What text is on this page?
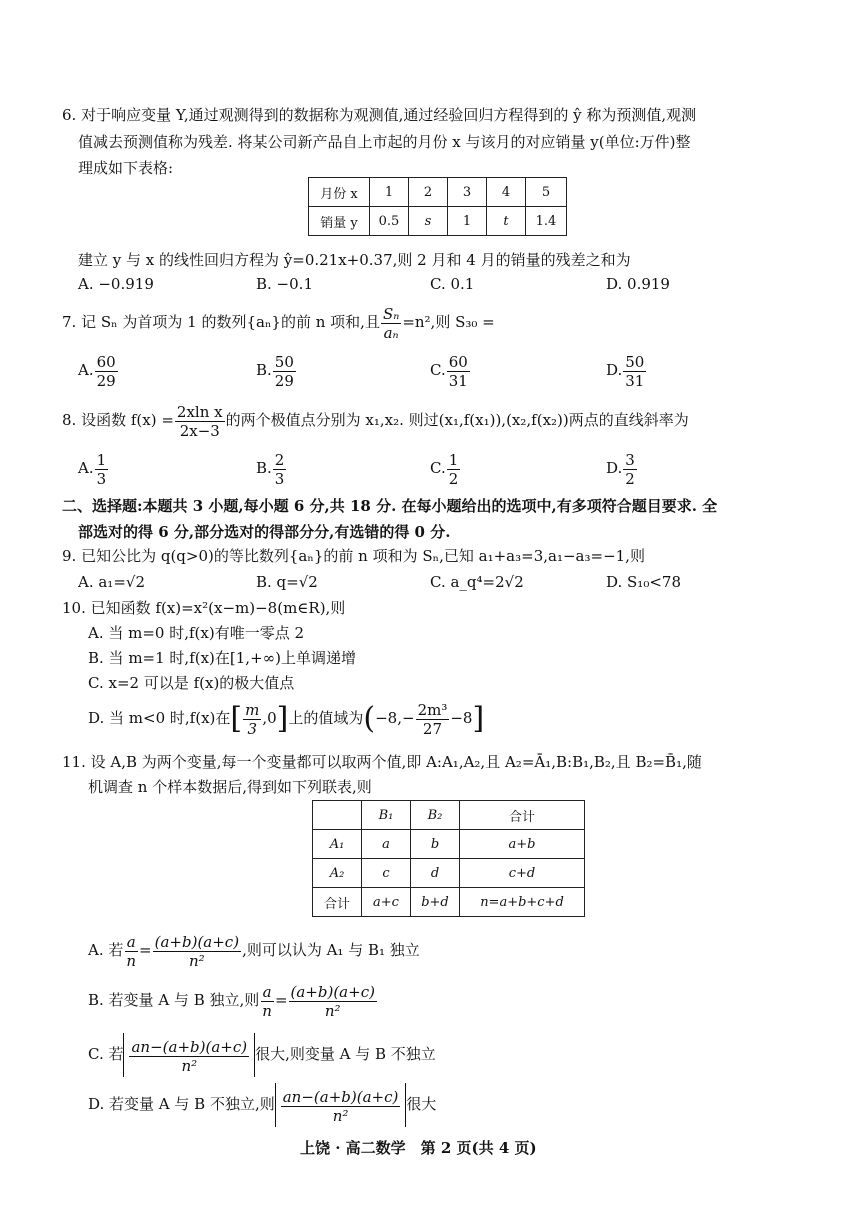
6. 对于响应变量 Y,通过观测得到的数据称为观测值,通过经验回归方程得到的 ŷ 称为预测值,观测
值减去预测值称为残差. 将某公司新产品自上市起的月份 x 与该月的对应销量 y(单位:万件)整
理成如下表格:
月份 x	1	2	3	4	5
销量 y	0.5	s	1	t	1.4
建立 y 与 x 的线性回归方程为 ŷ=0.21x+0.37,则 2 月和 4 月的销量的残差之和为
A. −0.919	B. −0.1	C. 0.1	D. 0.919
7. 记 Sₙ 为首项为 1 的数列{aₙ}的前 n 项和,且 $\frac{\text{Sₙ}}{\text{aₙ}} =n^2$,则 S₃₀ =
A. $\frac{60}{29}$	B. $\frac{50}{29}$	C. $\frac{60}{31}$	D. $\frac{50}{31}$
8. 设函数 $f(x) = \frac{\text{2xln x}}{2x-3}$ 的两个极值点分别为 x₁,x₂. 则过(x₁,f(x₁)),(x₂,f(x₂))两点的直线斜率为
A. $\frac{1}{3}$	B. $\frac{2}{3}$	C. $\frac{1}{2}$	D. $\frac{3}{2}$
二、选择题:本题共 3 小题,每小题 6 分,共 18 分. 在每小题给出的选项中,有多项符合题目要求. 全
部选对的得 6 分,部分选对的得部分分,有选错的得 0 分.
9. 已知公比为 q(q>0)的等比数列{aₙ}的前 n 项和为 Sₙ,已知 a₁+a₃=3,a₁−a₃=−1,则
A. a₁=√2	B. q=√2	C. a_q⁴=2√2	D. S₁₀<78
10. 已知函数 f(x)=x²(x−m)−8(m∈R),则
A. 当 m=0 时,f(x)有唯一零点 2
B. 当 m=1 时,f(x)在[1,+∞)上单调递增
C. x=2 可以是 f(x)的极大值点
D. 当 m<0 时,f(x)在[ $\frac{m}{3} ,0$]上的值域为$(-8,- \frac{\text{2m³}}{27} -8]$
11. 设 A,B 为两个变量,每一个变量都可以取两个值,即 A:A₁,A₂,且 A₂=Ā₁,B:B₁,B₂,且 B₂=B̄₁,随
机调查 n 个样本数据后,得到如下列联表,则
	B₁	B₂	合计
A₁	a	b	a+b
A₂	c	d	c+d
合计	a+c	b+d	n=a+b+c+d
A. 若 $\frac{a}{n} = \frac{(a+b)(a+c)}{\text{n²}}$ ,则可以认为 A₁ 与 B₁ 独立
B. 若变量 A 与 B 独立,则 $\frac{a}{n} = \frac{(a+b)(a+c)}{\text{n²}}$
C. 若 $\frac{an-(a+b)(a+c)}{\text{n²}}$ 很大,则变量 A 与 B 不独立
D. 若变量 A 与 B 不独立,则 $\frac{an-(a+b)(a+c)}{\text{n²}}$ 很大
上饶 · 高二数学　第 2 页(共 4 页)
